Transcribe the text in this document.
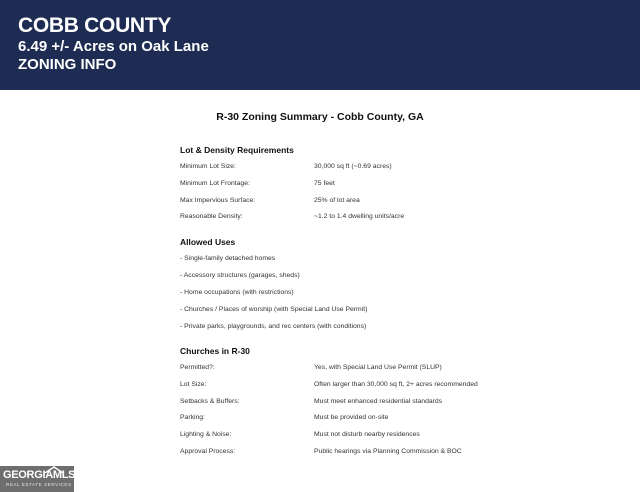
COBB COUNTY
6.49 +/- Acres on Oak Lane
ZONING INFO
R-30 Zoning Summary - Cobb County, GA
Lot & Density Requirements
Minimum Lot Size:	30,000 sq ft (~0.69 acres)
Minimum Lot Frontage:	75 feet
Max Impervious Surface:	25% of lot area
Reasonable Density:	~1.2 to 1.4 dwelling units/acre
Allowed Uses
- Single-family detached homes
- Accessory structures (garages, sheds)
- Home occupations (with restrictions)
- Churches / Places of worship (with Special Land Use Permit)
- Private parks, playgrounds, and rec centers (with conditions)
Churches in R-30
Permitted?:	Yes, with Special Land Use Permit (SLUP)
Lot Size:	Often larger than 30,000 sq ft, 2+ acres recommended
Setbacks & Buffers:	Must meet enhanced residential standards
Parking:	Must be provided on-site
Lighting & Noise:	Must not disturb nearby residences
Approval Process:	Public hearings via Planning Commission & BOC
GEORGIAMLS
REAL ESTATE SERVICES
